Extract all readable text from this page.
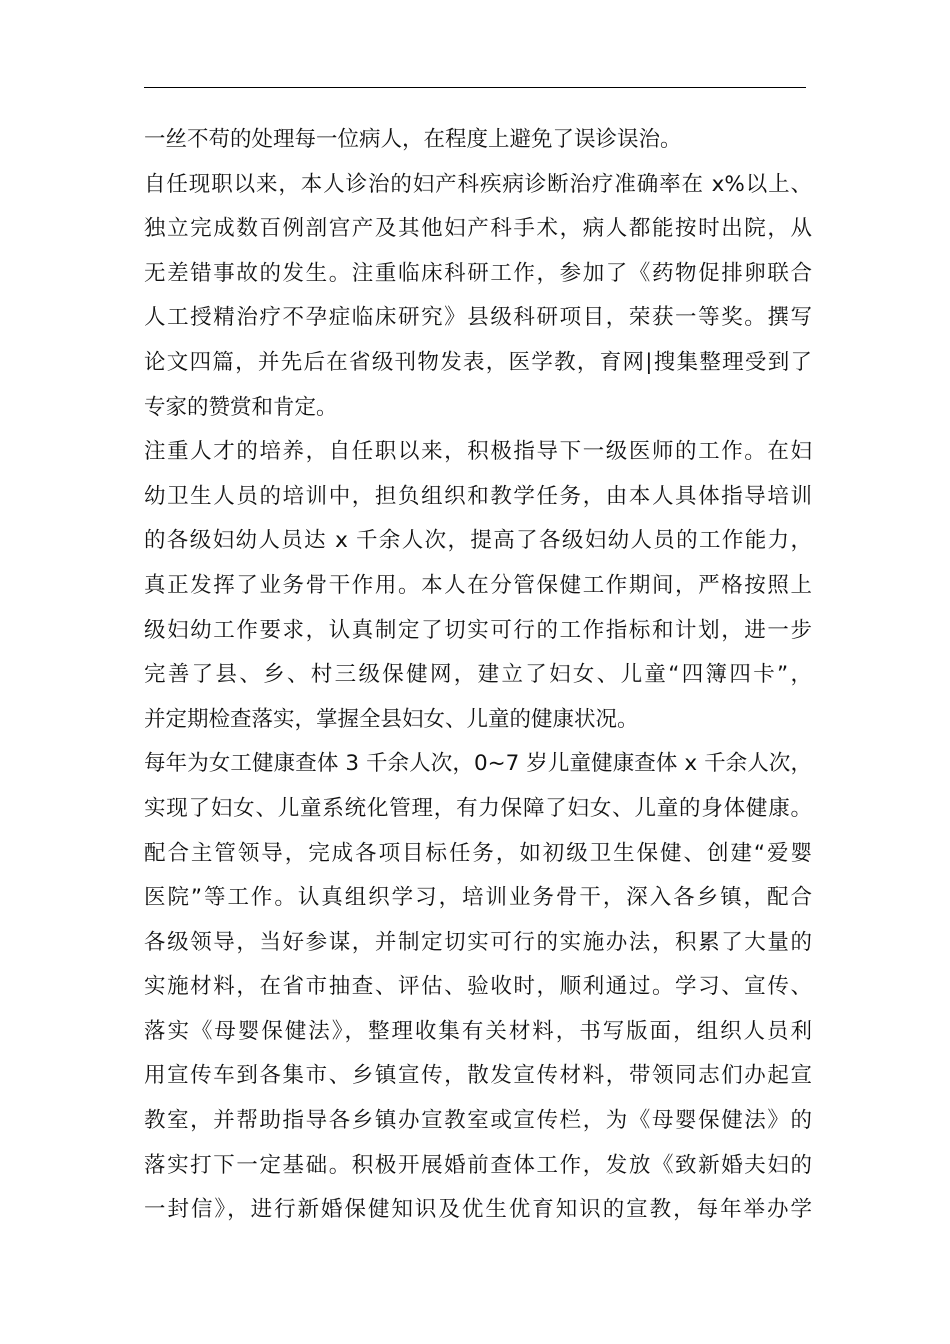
一丝不苟的处理每一位病人，在程度上避免了误诊误治。
自任现职以来，本人诊治的妇产科疾病诊断治疗准确率在 x%以上、
独立完成数百例剖宫产及其他妇产科手术，病人都能按时出院，从
无差错事故的发生。注重临床科研工作，参加了《药物促排卵联合
人工授精治疗不孕症临床研究》县级科研项目，荣获一等奖。撰写
论文四篇，并先后在省级刊物发表，医学教，育网|搜集整理受到了
专家的赞赏和肯定。
注重人才的培养，自任职以来，积极指导下一级医师的工作。在妇
幼卫生人员的培训中，担负组织和教学任务，由本人具体指导培训
的各级妇幼人员达 x 千余人次，提高了各级妇幼人员的工作能力，
真正发挥了业务骨干作用。本人在分管保健工作期间，严格按照上
级妇幼工作要求，认真制定了切实可行的工作指标和计划，进一步
完善了县、乡、村三级保健网，建立了妇女、儿童“四簿四卡”，
并定期检查落实，掌握全县妇女、儿童的健康状况。
每年为女工健康查体 3 千余人次，0~7 岁儿童健康查体 x 千余人次，
实现了妇女、儿童系统化管理，有力保障了妇女、儿童的身体健康。
配合主管领导，完成各项目标任务，如初级卫生保健、创建“爱婴
医院”等工作。认真组织学习，培训业务骨干，深入各乡镇，配合
各级领导，当好参谋，并制定切实可行的实施办法，积累了大量的
实施材料，在省市抽查、评估、验收时，顺利通过。学习、宣传、
落实《母婴保健法》，整理收集有关材料，书写版面，组织人员利
用宣传车到各集市、乡镇宣传，散发宣传材料，带领同志们办起宣
教室，并帮助指导各乡镇办宣教室或宣传栏，为《母婴保健法》的
落实打下一定基础。积极开展婚前查体工作，发放《致新婚夫妇的
一封信》，进行新婚保健知识及优生优育知识的宣教，每年举办学
